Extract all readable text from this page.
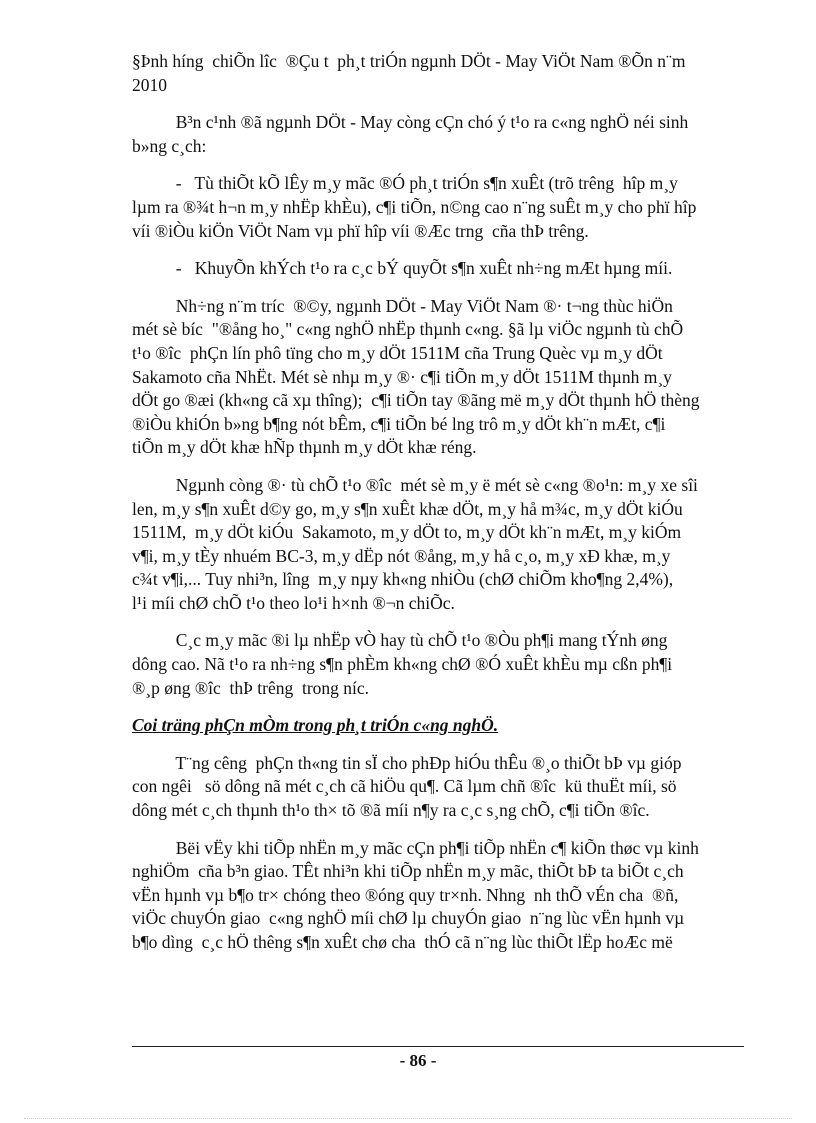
§Þnh híng  chiÕn lîc  ®Çu t  ph¸t triÓn ngµnh DÖt - May ViÖt Nam ®Õn n¨m
2010
B³n c¹nh ®ã ngµnh DÖt - May còng cÇn chó ý t¹o ra c«ng nghÖ néi sinh
b»ng c¸ch:
-   Tù thiÕt kÕ lÊy m¸y mãc ®Ó ph¸t triÓn s¶n xuÊt (trõ trêng  hîp m¸y
lµm ra ®¾t h¬n m¸y nhËp khÈu), c¶i tiÕn, n©ng cao n¨ng suÊt m¸y cho phï hîp
víi ®iÒu kiÖn ViÖt Nam vµ phï hîp víi ®Æc trng  cña thÞ trêng.
-   KhuyÕn khÝch t¹o ra c¸c bÝ quyÕt s¶n xuÊt nh÷ng mÆt hµng míi.
Nh÷ng n¨m tríc  ®©y, ngµnh DÖt - May ViÖt Nam ®· t¬ng thùc hiÖn
mét sè bíc  "®ång ho¸" c«ng nghÖ nhËp thµnh c«ng. §ã lµ viÖc ngµnh tù chÕ
t¹o ®îc  phÇn lín phô tïng cho m¸y dÖt 1511M cña Trung Quèc vµ m¸y dÖt
Sakamoto cña NhËt. Mét sè nhµ m¸y ®· c¶i tiÕn m¸y dÖt 1511M thµnh m¸y
dÖt go ®æi (kh«ng cã xµ thîng);  c¶i tiÕn tay ®ãng më m¸y dÖt thµnh hÖ thèng
®iÒu khiÓn b»ng b¶ng nót bÊm, c¶i tiÕn bé lng trô m¸y dÖt kh¨n mÆt, c¶i
tiÕn m¸y dÖt khæ hÑp thµnh m¸y dÖt khæ réng.
Ngµnh còng ®· tù chÕ t¹o ®îc  mét sè m¸y ë mét sè c«ng ®o¹n: m¸y xe sîi
len, m¸y s¶n xuÊt d©y go, m¸y s¶n xuÊt khæ dÖt, m¸y hå m¾c, m¸y dÖt kiÓu
1511M,  m¸y dÖt kiÓu  Sakamoto, m¸y dÖt to, m¸y dÖt kh¨n mÆt, m¸y kiÓm
v¶i, m¸y tÈy nhuém BC-3, m¸y dËp nót ®ång, m¸y hå c¸o, m¸y xÐ khæ, m¸y
c¾t v¶i,... Tuy nhi³n, lîng  m¸y nµy kh«ng nhiÒu (chØ chiÕm kho¶ng 2,4%),
l¹i míi chØ chÕ t¹o theo lo¹i h×nh ®¬n chiÕc.
C¸c m¸y mãc ®i lµ nhËp vÒ hay tù chÕ t¹o ®Òu ph¶i mang tÝnh øng
dông cao. Nã t¹o ra nh÷ng s¶n phÈm kh«ng chØ ®Ó xuÊt khÈu mµ cßn ph¶i
®¸p øng ®îc  thÞ trêng  trong níc.
Coi träng phÇn mÒm trong ph¸t triÓn c«ng nghÖ.
T¨ng cêng  phÇn th«ng tin sÏ cho phÐp hiÓu thÊu ®¸o thiÕt bÞ vµ gióp
con ngêi   sö dông nã mét c¸ch cã hiÖu qu¶. Cã lµm chñ ®îc  kü thuËt míi, sö
dông mét c¸ch thµnh th¹o th× tõ ®ã míi n¶y ra c¸c s¸ng chÕ, c¶i tiÕn ®îc.
Bëi vËy khi tiÕp nhËn m¸y mãc cÇn ph¶i tiÕp nhËn c¶ kiÕn thøc vµ kinh
nghiÖm  cña b³n giao. TÊt nhi³n khi tiÕp nhËn m¸y mãc, thiÕt bÞ ta biÕt c¸ch
vËn hµnh vµ b¶o tr× chóng theo ®óng quy tr×nh. Nhng  nh thÕ vÉn cha  ®ñ,
viÖc chuyÓn giao  c«ng nghÖ míi chØ lµ chuyÓn giao  n¨ng lùc vËn hµnh vµ
b¶o dìng  c¸c hÖ thêng s¶n xuÊt chø cha  thÓ cã n¨ng lùc thiÕt lËp hoÆc më
- 86 -
